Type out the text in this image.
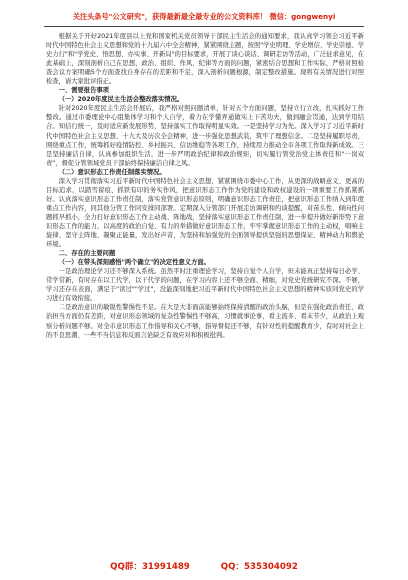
关注头条号"公文研究"，获得最新最全最专业的公文资料库！ 微信：gongwenyi

根据关于开好2021年度县以上党和国家机关党员领导干部民主生活会的通知要求，我认真学习领会习近平新时代中国特色社会主义思想和党的十九届六中全会精神，紧紧围绕主题，按照"学史明理、学史增信、学史崇德、学史力行"和"学党史、悟思想、办实事、开新局"的目标要求，开展了谈心谈话、调研走访等活动，广泛征求意见，在此基础上，深刻剖析自己在思想、政治、组织、作风、纪律等方面的问题，紧密结合思想和工作实际，严格对照检查会议方案明确5个方面查找自身存在的差距和不足，深入剖析问题根源，制定整改措施。现将有关情况进行对照检查，请大家批评指正。

一、需要报告事项

（一）2020年度民主生活会整改落实情况。

针对2020年度民主生活会开展后，我严格对照问题清单，针对五个方面问题，坚持立行立改，扎实抓好工作整改。通过市委理论中心组集体学习和个人自学，着力在学懂弄通做实上下苦功夫，做到融会贯通，达到学用结合。知信行统一，及时适应新发展形势，坚持落实工作取得明显实效。一是坚持学习为先。深入学习了习近平新时代中国特色社会主义思想、十九大及历次全会精神，进一步强化思想武装，筑牢了理想信念。二是坚持履职尽责，围绕重点工作，统筹抓好疫情防控、乡村振兴、信访维稳等各项工作，持续用力推动全市各项工作取得新成效。三是坚持廉洁自律，认真参加组织生活，进一步严明政治纪律和政治规矩，切实履行管党治党主体责任和"一岗双责"，督促分管领域党员干部始终保持廉洁自律之风。

（二）意识形态工作责任制落实情况。

深入学习贯彻落实习近平新时代中国特色社会主义思想，紧紧围绕市委中心工作，从更深的战略意义、更高的目标追求，以踏雪留痕、抓铁有印的务实作风，把意识形态工作作为党的建设和政权建设的一项重要工作抓紧抓好。认真落实意识形态工作责任制，落实党管意识形态原则，明确意识形态工作责任，把意识形态工作纳入到年度重点工作内容，同其他分管工作同安排同部署。定期深入分管部门开展走访调研和约谈提醒，对苗头性、倾向性问题抓早抓小，全力打好意识形态工作主动战、阵地战，坚持落实意识形态工作责任制，进一步提升做好新形势下意识形态工作的能力，以高度的政治自觉、有力的举措做好意识形态工作，牢牢掌握意识形态工作的主动权，唱响主旋律、坚守主阵地、凝聚正能量，发出好声音，为坚持和加强党的全面领导提供坚强的思想保证、精神动力和舆论环境。

二、存在的主要问题

（一）在带头深刻感悟"两个确立"的决定性意义方面。

一是政治理论学习还不够深入系统。虽然平时注重理论学习，坚持自觉个人自学，但未能真正坚持每日必学、常学常新，有时存在以工代学，以干代学的问题，在学习内容上还不够全面、精细，对党史党统研究不深。不够，学习还存在表面，满足于"读过""学过"，没能深刻地把习近平新时代中国特色社会主义思想的精神实质同党史的学习进行有效衔接。

二是政治意识的敏锐性警惕性不足。在大是大非面前能够始终保持清醒的政治头脑，但是在强化政治责任、政治担当方面仍有差距，对意识形态领域的复杂性警惕性不够高，习惯就事论事，看主流多、看末节少，从政治上观察分析问题不够。对全市意识形态工作指导和关心不够，指导督促还不够，有针对性的提醒教育少，有时对社会上的不良思潮、一些不当信息和反面言论缺乏有效应对和积极批判。

QQ群：31991489	QQ：535304092
